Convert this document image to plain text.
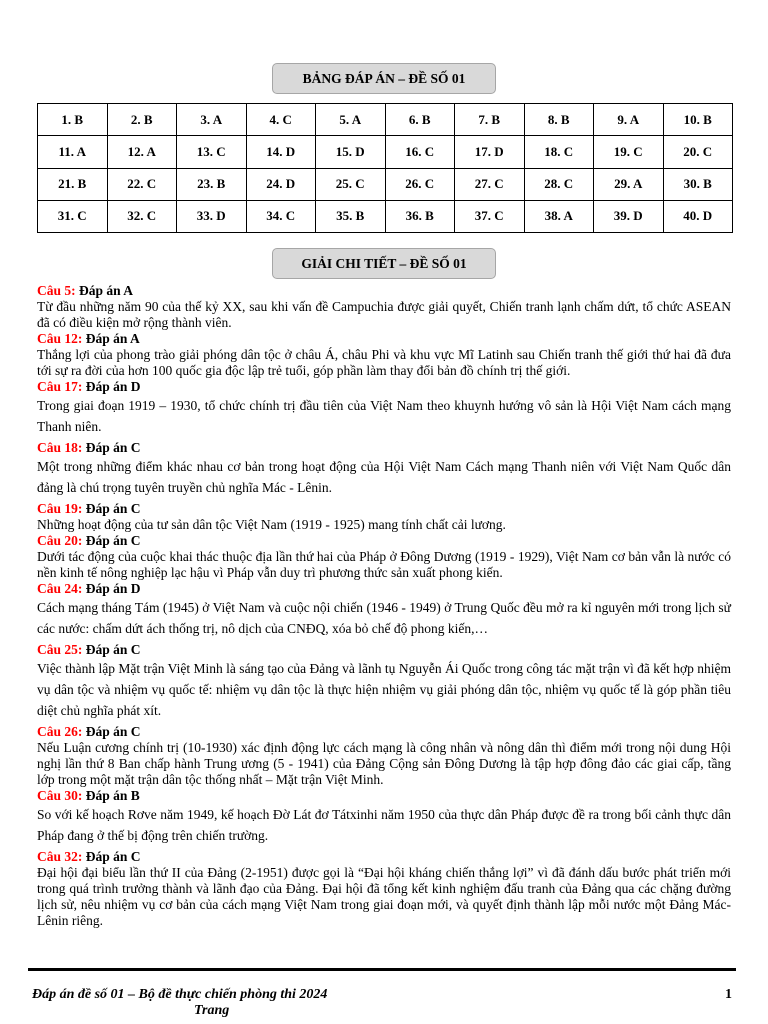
BẢNG ĐÁP ÁN – ĐỀ SỐ 01
1. B	2. B	3. A	4. C	5. A	6. B	7. B	8. B	9. A	10. B
11. A	12. A	13. C	14. D	15. D	16. C	17. D	18. C	19. C	20. C
21. B	22. C	23. B	24. D	25. C	26. C	27. C	28. C	29. A	30. B
31. C	32. C	33. D	34. C	35. B	36. B	37. C	38. A	39. D	40. D
GIẢI CHI TIẾT – ĐỀ SỐ 01

Câu 5: Đáp án A

Từ đầu những năm 90 của thế kỷ XX, sau khi vấn đề Campuchia được giải quyết, Chiến tranh lạnh chấm dứt, tổ chức ASEAN đã có điều kiện mở rộng thành viên.

Câu 12: Đáp án A

Thắng lợi của phong trào giải phóng dân tộc ở châu Á, châu Phi và khu vực Mĩ Latinh sau Chiến tranh thế giới thứ hai đã đưa tới sự ra đời của hơn 100 quốc gia độc lập trẻ tuổi, góp phần làm thay đổi bản đồ chính trị thế giới.

Câu 17: Đáp án D

Trong giai đoạn 1919 – 1930, tổ chức chính trị đầu tiên của Việt Nam theo khuynh hướng vô sản là Hội Việt Nam cách mạng Thanh niên.

Câu 18: Đáp án C

Một trong những điểm khác nhau cơ bản trong hoạt động của Hội Việt Nam Cách mạng Thanh niên với Việt Nam Quốc dân đảng là chú trọng tuyên truyền chủ nghĩa Mác - Lênin.

Câu 19: Đáp án C

Những hoạt động của tư sản dân tộc Việt Nam (1919 - 1925) mang tính chất cải lương.

Câu 20: Đáp án C

Dưới tác động của cuộc khai thác thuộc địa lần thứ hai của Pháp ở Đông Dương (1919 - 1929), Việt Nam cơ bản vẫn là nước có nền kinh tế nông nghiệp lạc hậu vì Pháp vẫn duy trì phương thức sản xuất phong kiến.

Câu 24: Đáp án D

Cách mạng tháng Tám (1945) ở Việt Nam và cuộc nội chiến (1946 - 1949) ở Trung Quốc đều mở ra kỉ nguyên mới trong lịch sử các nước: chấm dứt ách thống trị, nô dịch của CNĐQ, xóa bỏ chế độ phong kiến,…

Câu 25: Đáp án C

Việc thành lập Mặt trận Việt Minh là sáng tạo của Đảng và lãnh tụ Nguyễn Ái Quốc trong công tác mặt trận vì đã kết hợp nhiệm vụ dân tộc và nhiệm vụ quốc tế: nhiệm vụ dân tộc là thực hiện nhiệm vụ giải phóng dân tộc, nhiệm vụ quốc tế là góp phần tiêu diệt chủ nghĩa phát xít.

Câu 26: Đáp án C

Nếu Luận cương chính trị (10-1930) xác định động lực cách mạng là công nhân và nông dân thì điểm mới trong nội dung Hội nghị lần thứ 8 Ban chấp hành Trung ương (5 - 1941) của Đảng Cộng sản Đông Dương là tập hợp đông đảo các giai cấp, tầng lớp trong một mặt trận dân tộc thống nhất – Mặt trận Việt Minh.

Câu 30: Đáp án B

So với kế hoạch Rơve năm 1949, kế hoạch Đờ Lát đơ Tátxinhi năm 1950 của thực dân Pháp được đề ra trong bối cảnh thực dân Pháp đang ở thế bị động trên chiến trường.

Câu 32: Đáp án C

Đại hội đại biểu lần thứ II của Đảng (2-1951) được gọi là “Đại hội kháng chiến thắng lợi” vì đã đánh dấu bước phát triển mới trong quá trình trưởng thành và lãnh đạo của Đảng. Đại hội đã tổng kết kinh nghiệm đấu tranh của Đảng qua các chặng đường lịch sử, nêu nhiệm vụ cơ bản của cách mạng Việt Nam trong giai đoạn mới, và quyết định thành lập mỗi nước một Đảng Mác-Lênin riêng.

Đáp án đề số 01 – Bộ đề thực chiến phòng thi 2024
Trang
1
